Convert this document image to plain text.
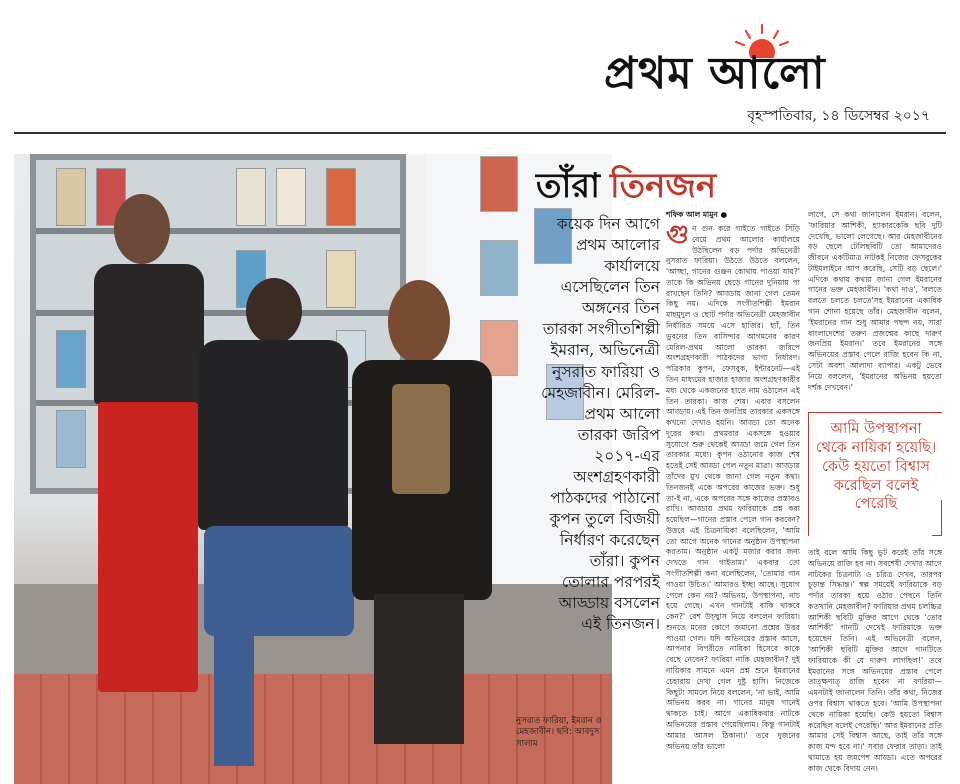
প্রথম আলো
বৃহস্পতিবার, ১৪ ডিসেম্বর ২০১৭
নুসরাত ফারিয়া, ইমরান ও মেহজাবীন। ছবি: আবদুস সালাম
তাঁরা তিনজন
কয়েক দিন আগে প্রথম আলোর কার্যালয়ে এসেছিলেন তিন অঙ্গনের তিন তারকা সংগীতশিল্পী ইমরান, অভিনেত্রী নুসরাত ফারিয়া ও মেহজাবীন। মেরিল-প্রথম আলো তারকা জরিপ ২০১৭-এর অংশগ্রহণকারী পাঠকদের পাঠানো কুপন তুলে বিজয়ী নির্ধারণ করেছেন তাঁরা। কুপন তোলার পরপরই আড্ডায় বসলেন এই তিনজন।
শফিক আল মামুন ●
গুন গুন করে গাইতে গাইতে সিঁড়ি বেয়ে প্রথম আলোর কার্যালয়ে উঠছিলেন বড় পর্দার অভিনেত্রী নুসরাত ফারিয়া। উঠতে উঠতে বললেন, 'আচ্ছা, গানের গুঞ্জন কোথায় পাওয়া যায়?' তাকে কি অভিনয় ছেড়ে গানের দুনিয়ায় পা রাখছেন তিনি? আড্ডায় জানা গেল তেমন কিছু নয়। এদিকে সংগীতশিল্পী ইমরান মাহমুদুল ও ছোট পর্দার অভিনেত্রী মেহজাবীন নির্ধারিত সময়ে এসে হাজির। হ্যাঁ, তিন ভুবনের তিন বাসিন্দার আগমনের কারণ মেরিল-প্রথম আলো তারকা জরিপে অংশগ্রহণকারী পাঠকদের ভাগ্য নির্ধারণ। পত্রিকার কুপন, ফেসবুক, ইন্টারনেট—এই তিন মাধ্যমের হাজার হাজার অংশগ্রহণকারীর মধ্য থেকে একজনের হাতে নাম ওঠালেন এই তিন তারকা। কাজ শেষ। এবার বসলেন আড্ডায়। এই তিন জনপ্রিয় তারকার একসঙ্গে কখনো দেখাও হয়নি। আড্ডা তো অনেক দূরের কথা। প্রথমবার একসঙ্গে হওয়ার সুযোগে শুরু থেকেই আড্ডা জমে গেল তিন তারকার মধ্যে। কুপন ওঠানোর কাজ শেষ হতেই সেই আড্ডা পেল নতুন মাত্রা। আড্ডায় তাঁদের মুখ থেকে জানা গেল নতুন কথা। তিনজনই একে অপরের কাজের ভক্ত। শুধু তা-ই না, একে অপরের সঙ্গে কাজের প্রস্তাবও রাখি। আড্ডায় প্রথম ফারিয়াকে প্রশ্ন করা হয়েছিল—গানের প্রস্তাব পেলে গান করবেন? উত্তরে এই চিত্রনায়িকা বলেছিলেন, 'আমি তো আগে অনেক গানের অনুষ্ঠান উপস্থাপনা করতাম। অনুষ্ঠান একটু মজার করার জন্য দেখতে গান গাইতাম।' একবার তো সংগীতশিল্পী কনা বলেছিলেন, 'তোমার গান গাওয়া উচিত।' আমারও ইচ্ছা আছে। সুযোগ পেলে কেন নয়? অভিনয়, উপস্থাপনা, নাচ হয়ে গেছে। এখন গানটাই বাকি থাকবে কেন?' বেশ উচ্ছ্বাস নিয়ে বললেন ফারিয়া। শুনতে মনের কোণে জমানো প্রশ্নের উত্তর পাওয়া গেল। যদি অভিনয়ের প্রস্তাব আসে, আপনার বিপরীতে নায়িকা হিসেবে কাকে বেছে নেবেন? ফারিয়া নাকি মেহজাবীন? দুই নায়িকার সামনে এমন প্রশ্ন শুনে ইমরানের চেহারায় দেখা গেল দুষ্টু হাসি। নিজেকে কিছুটা সামলে নিয়ে বললেন, 'না ভাই, আমি অভিনয় করব না। গানের মানুষ গানেই থাকতে চাই। আগে একাধিকবার নাটকে অভিনয়ের প্রস্তাব পেয়েছিলাম। কিন্তু গানটাই আমার আসল ঠিকানা।' তবে দুজনের অভিনয় তাঁর ভালো
লাগে, সে কথা জানালেন ইমরান। বলেন, 'ফারিয়ার আশিকী, হ্যাকারকেকি ছবি দুটি দেখেছি, ভালো লেগেছে। আর মেহজাবীনের বড় ছেলে টেলিছবিটি তো আমাদেরও জীবনে একটিমাত্র নাটকই নিজের ফেসবুকের টাইমলাইনে আপ করেছি, সেটি বড় ছেলে।' এদিকে কথায় কথায় জানা গেল ইমরানের গানের ভক্ত মেহজাবীন। 'কথা দাও', 'বলতে বলতে চলতে চলতে'সহ ইমরানের একাধিক গান শোনা হয়েছে তাঁর। মেহজাবীন বলেন, 'ইমরানের গান শুধু আমার পছন্দ নয়, সারা বাংলাদেশের তরুণ প্রজন্মের কাছে দারুণ জনপ্রিয় ইমরান।' তবে ইমরানের সঙ্গে অভিনয়ের প্রস্তাব পেলে রাজি হবেন কি না, সেটা অবশ্য আলাদা ব্যাপার। একটু ভেবে নিয়ে বললেন, 'ইমরানের অভিনয় হয়তো দর্শক দেখবেন।'
আমি উপস্থাপনা থেকে নায়িকা হয়েছি। কেউ হয়তো বিশ্বাস করেছিল বলেই পেরেছি
তাই বলে আমি কিছু ভুট করেই তাঁর সঙ্গে অভিনয়ে রাজি হব না। সবশেষী দেখার আগে নাটকের চিত্রনাট্য ও চরিত্র দেখব, তারপর চূড়ান্ত সিদ্ধান্ত।' স্বল্প সময়েই ফারিয়াকে বড় পর্দার তারকা হয়ে ওঠার পেছনে তিনি কতখানি মেহজাবীন? ফারিয়ার প্রথম চলচ্চিত্র আশিকী ছবিটি মুক্তির আগে থেকে 'তোর আশিকী' গানটি দেখেই ফারিয়াকে ভক্ত হয়েছেন তিনি। এই অভিনেত্রী বলেন, 'আশিকী ছবিটি মুক্তির আগে গানটিতে ফারিয়াকে কী যে দারুণ লাগছিল!' তবে ইমরানের সঙ্গে অভিনয়ের প্রস্তাব পেলে তাত্ক্ষণাত্ রাজি হবেন না ফারিয়া— এমনটাই জানালেন তিনি। তাঁর কথা, নিজের ওপর বিশ্বাস থাকতে হবে। 'আমি উপস্থাপনা থেকে নায়িকা হয়েছি। কেউ হয়তো বিশ্বাস করেছিল বলেই পেরেছি।' আর ইমরানের প্রতি আমার সেই বিশ্বাস আছে, তাই তাঁর সঙ্গে কাজ মন্দ হবে না।' সবার ফেরার তাড়া। তাই থামাতে হয় জমপেশ আড্ডা। এতে অপরের কাজ থেকে বিদায় নেন।
